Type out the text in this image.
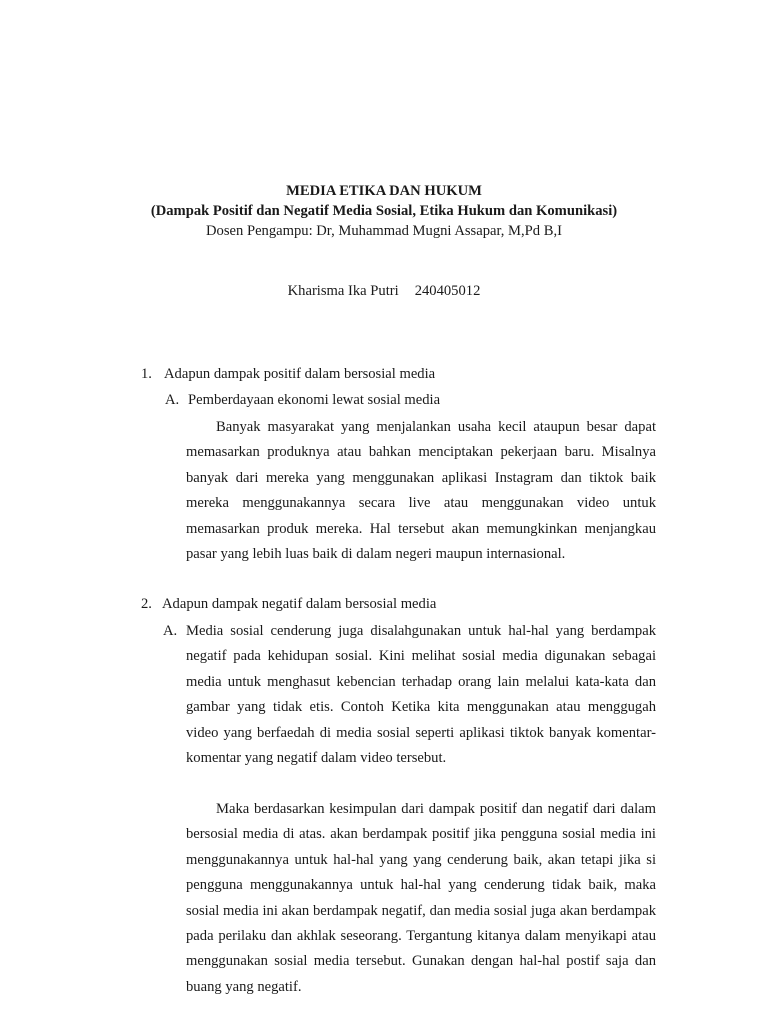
MEDIA ETIKA DAN HUKUM
(Dampak Positif dan Negatif Media Sosial, Etika Hukum dan Komunikasi)
Dosen Pengampu: Dr, Muhammad Mugni Assapar, M,Pd B,I
Kharisma Ika Putri 240405012
1. Adapun dampak positif dalam bersosial media
A. Pemberdayaan ekonomi lewat sosial media

Banyak masyarakat yang menjalankan usaha kecil ataupun besar dapat memasarkan produknya atau bahkan menciptakan pekerjaan baru. Misalnya banyak dari mereka yang menggunakan aplikasi Instagram dan tiktok baik mereka menggunakannya secara live atau menggunakan video untuk memasarkan produk mereka. Hal tersebut akan memungkinkan menjangkau pasar yang lebih luas baik di dalam negeri maupun internasional.

2. Adapun dampak negatif dalam bersosial media
A. Media sosial cenderung juga disalahgunakan untuk hal-hal yang berdampak negatif pada kehidupan sosial. Kini melihat sosial media digunakan sebagai media untuk menghasut kebencian terhadap orang lain melalui kata-kata dan gambar yang tidak etis. Contoh Ketika kita menggunakan atau menggugah video yang berfaedah di media sosial seperti aplikasi tiktok banyak komentar-komentar yang negatif dalam video tersebut.

Maka berdasarkan kesimpulan dari dampak positif dan negatif dari dalam bersosial media di atas. akan berdampak positif jika pengguna sosial media ini menggunakannya untuk hal-hal yang yang cenderung baik, akan tetapi jika si pengguna menggunakannya untuk hal-hal yang cenderung tidak baik, maka sosial media ini akan berdampak negatif, dan media sosial juga akan berdampak pada perilaku dan akhlak seseorang. Tergantung kitanya dalam menyikapi atau menggunakan sosial media tersebut. Gunakan dengan hal-hal postif saja dan buang yang negatif.
